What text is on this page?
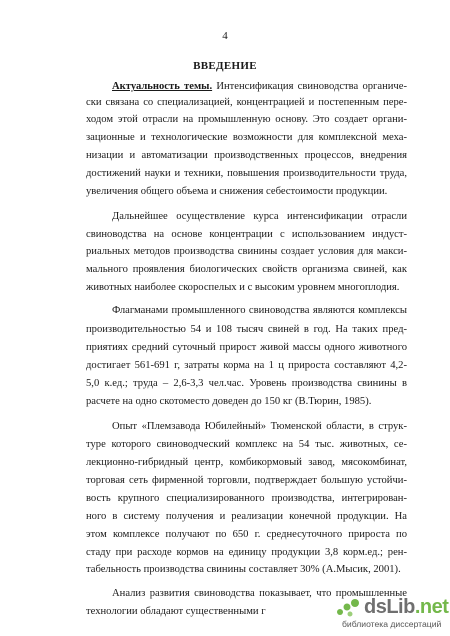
4
ВВЕДЕНИЕ
Актуальность темы. Интенсификация свиноводства органиче-
ски связана со специализацией, концентрацией и постепенным пере-
ходом этой отрасли на промышленную основу. Это создает органи-
зационные и технологические возможности для комплексной меха-
низации и автоматизации производственных процессов, внедрения
достижений науки и техники, повышения производительности труда,
увеличения общего объема и снижения себестоимости продукции.
Дальнейшее осуществление курса интенсификации отрасли
свиноводства на основе концентрации с использованием индуст-
риальных методов производства свинины создает условия для макси-
мального проявления биологических свойств организма свиней, как
животных наиболее скороспелых и с высоким уровнем многоплодия.
Флагманами промышленного свиноводства являются комплексы
производительностью 54 и 108 тысяч свиней в год. На таких пред-
приятиях средний суточный прирост живой массы одного животного
достигает 561-691 г, затраты корма на 1 ц прироста составляют 4,2-
5,0 к.ед.; труда – 2,6-3,3 чел.час. Уровень производства свинины в
расчете на одно скотоместо доведен до 150 кг (В.Тюрин, 1985).
Опыт «Племзавода Юбилейный» Тюменской области, в струк-
туре которого свиноводческий комплекс на 54 тыс. животных, се-
лекционно-гибридный центр, комбикормовый завод, мясокомбинат,
торговая сеть фирменной торговли, подтверждает большую устойчи-
вость крупного специализированного производства, интегрирован-
ного в систему получения и реализации конечной продукции. На
этом комплексе получают по 650 г. среднесуточного прироста по
стаду при расходе кормов на единицу продукции 3,8 корм.ед.; рен-
табельность производства свинины составляет 30% (А.Мысик, 2001).
Анализ развития свиноводства показывает, что промышленные
технологии обладают существенными г	dsLib.net
библиотека диссертаций
